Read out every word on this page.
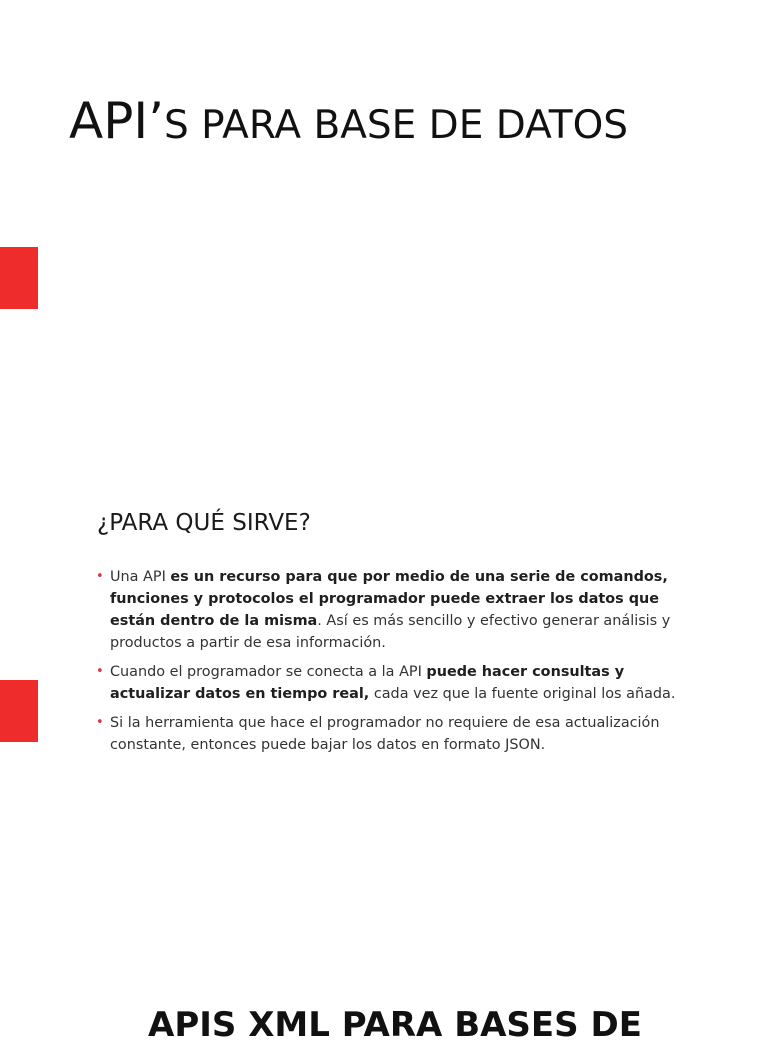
API’S PARA BASE DE DATOS
¿PARA QUÉ SIRVE?
• Una API es un recurso para que por medio de una serie de comandos, funciones y protocolos el programador puede extraer los datos que están dentro de la misma. Así es más sencillo y efectivo generar análisis y productos a partir de esa información.
• Cuando el programador se conecta a la API puede hacer consultas y actualizar datos en tiempo real, cada vez que la fuente original los añada.
• Si la herramienta que hace el programador no requiere de esa actualización constante, entonces puede bajar los datos en formato JSON.
APIS XML PARA BASES DE
